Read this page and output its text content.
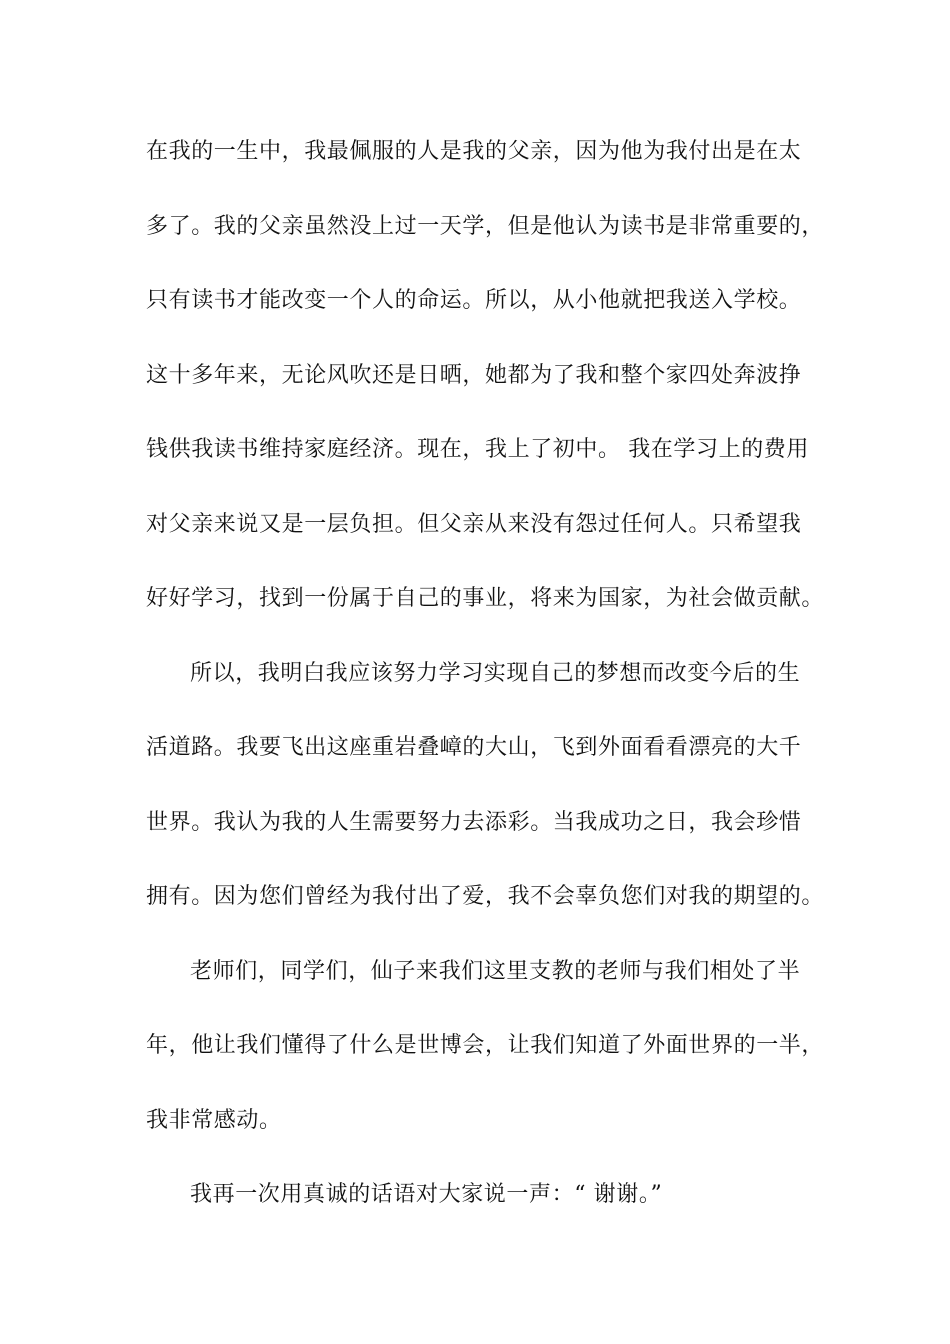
在我的一生中，我最佩服的人是我的父亲，因为他为我付出是在太
多了。我的父亲虽然没上过一天学，但是他认为读书是非常重要的，
只有读书才能改变一个人的命运。所以，从小他就把我送入学校。
这十多年来，无论风吹还是日晒，她都为了我和整个家四处奔波挣
钱供我读书维持家庭经济。现在，我上了初中。 我在学习上的费用
对父亲来说又是一层负担。但父亲从来没有怨过任何人。只希望我
好好学习，找到一份属于自己的事业，将来为国家，为社会做贡献。
所以，我明白我应该努力学习实现自己的梦想而改变今后的生
活道路。我要飞出这座重岩叠嶂的大山，飞到外面看看漂亮的大千
世界。我认为我的人生需要努力去添彩。当我成功之日，我会珍惜
拥有。因为您们曾经为我付出了爱，我不会辜负您们对我的期望的。
老师们，同学们，仙子来我们这里支教的老师与我们相处了半
年，他让我们懂得了什么是世博会，让我们知道了外面世界的一半，
我非常感动。
我再一次用真诚的话语对大家说一声：“ 谢谢。”
